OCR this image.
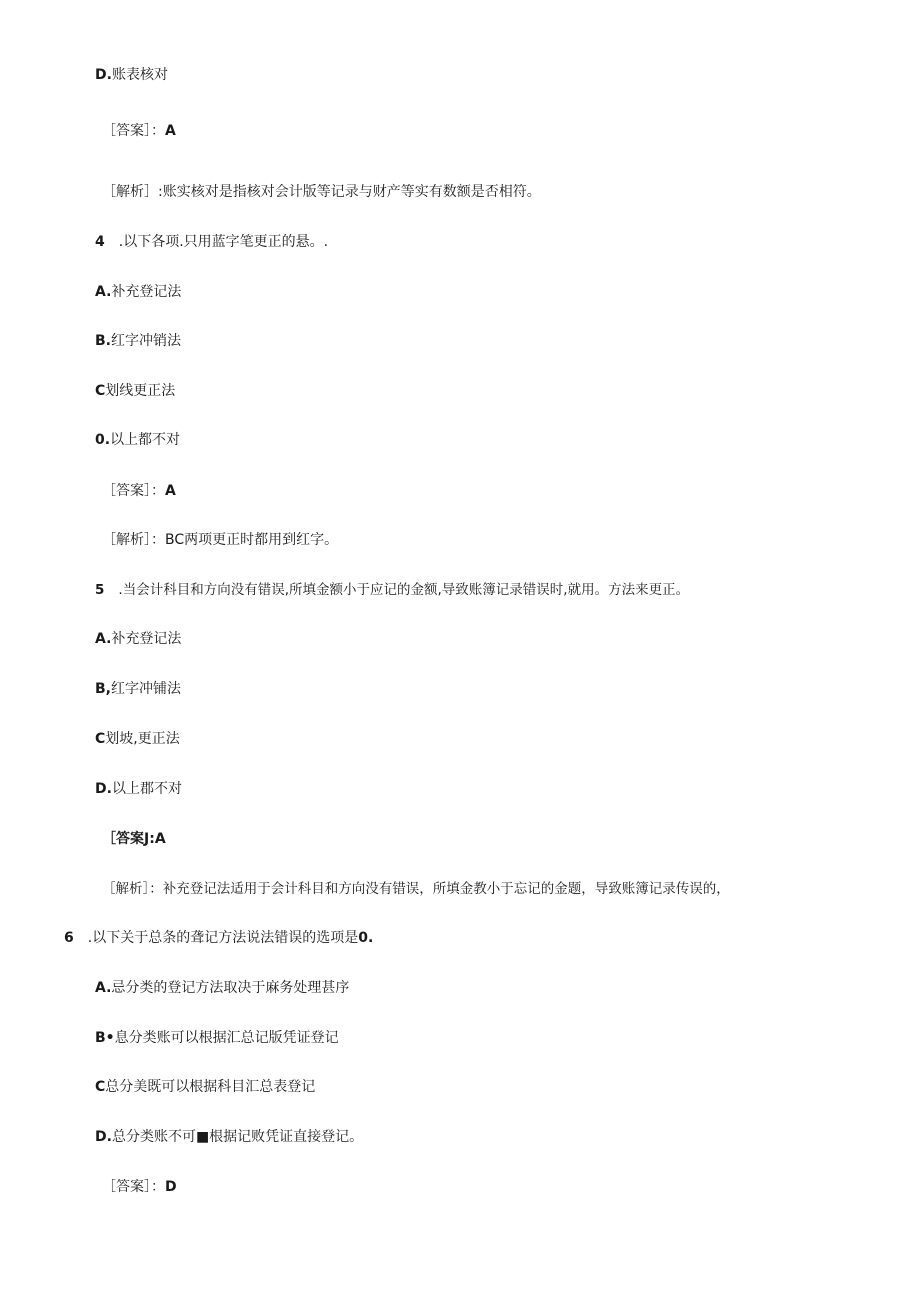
D.账表核对
［答案］：A
［解析］:账实核对是指核对会计版等记录与财产等实有数额是否相符。
4 .以下各项.只用蓝字笔更正的悬。.
A.补充登记法
B.红字冲销法
C划线更正法
0.以上都不对
［答案］：A
［解析］：BC两项更正时都用到红字。
5 .当会计科目和方向没有错误,所填金额小于应记的金额,导致账簿记录错误时,就用。方法来更正。
A.补充登记法
B,红字冲铺法
C划坡,更正法
D.以上郡不对
［答案J:A
［解析］：补充登记法适用于会计科目和方向没有错误，所填金教小于忘记的金题，导致账簿记录传误的，
6 .以下关于总条的聋记方法说法错误的选项是0.
A.忌分类的登记方法取决于麻务处理甚序
B•息分类账可以根据汇总记版凭证登记
C总分美既可以根据科目汇总表登记
D.总分类账不可■根据记败凭证直接登记。
［答案］：D
